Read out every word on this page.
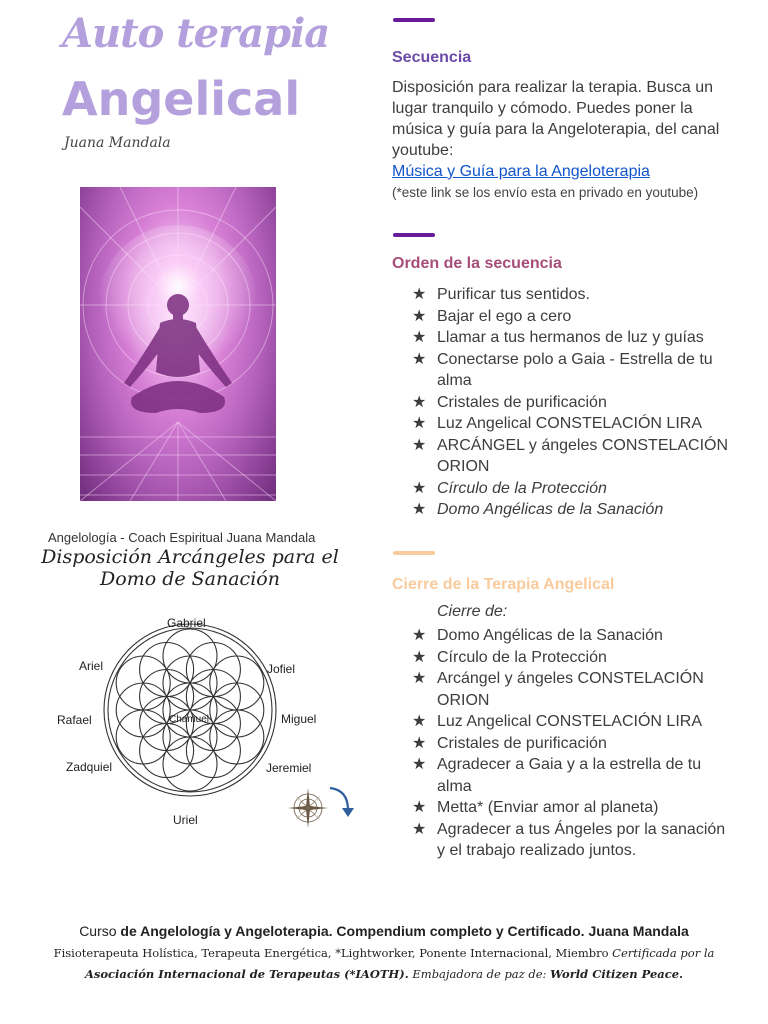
Auto terapia
Angelical
Juana Mandala
Angelología - Coach Espiritual Juana Mandala
Disposición Arcángeles para el
Domo de Sanación
Gabriel
Ariel	Jofiel
Rafael	Miguel
Chamuel
Zadquiel	Jeremiel
Uriel
Secuencia
Disposición para realizar la terapia. Busca un lugar tranquilo y cómodo. Puedes poner la música y guía para la Angeloterapia, del canal youtube:
Música y Guía para la Angeloterapia
(*este link se los envío esta en privado en youtube)
Orden de la secuencia
★ Purificar tus sentidos.
★ Bajar el ego a cero
★ Llamar a tus hermanos de luz y guías
★ Conectarse polo a Gaia - Estrella de tu alma
★ Cristales de purificación
★ Luz Angelical CONSTELACIÓN LIRA
★ ARCÁNGEL y ángeles CONSTELACIÓN ORION
★ Círculo de la Protección
★ Domo Angélicas de la Sanación
Cierre de la Terapia Angelical
Cierre de:
★ Domo Angélicas de la Sanación
★ Círculo de la Protección
★ Arcángel y ángeles CONSTELACIÓN ORION
★ Luz Angelical CONSTELACIÓN LIRA
★ Cristales de purificación
★ Agradecer a Gaia y a la estrella de tu alma
★ Metta* (Enviar amor al planeta)
★ Agradecer a tus Ángeles por la sanación y el trabajo realizado juntos.
Curso de Angelología y Angeloterapia. Compendium completo y Certificado. Juana Mandala
Fisioterapeuta Holística, Terapeuta Energética, *Lightworker, Ponente Internacional, Miembro Certificada por la
Asociación Internacional de Terapeutas (*IAOTH). Embajadora de paz de: World Citizen Peace.
